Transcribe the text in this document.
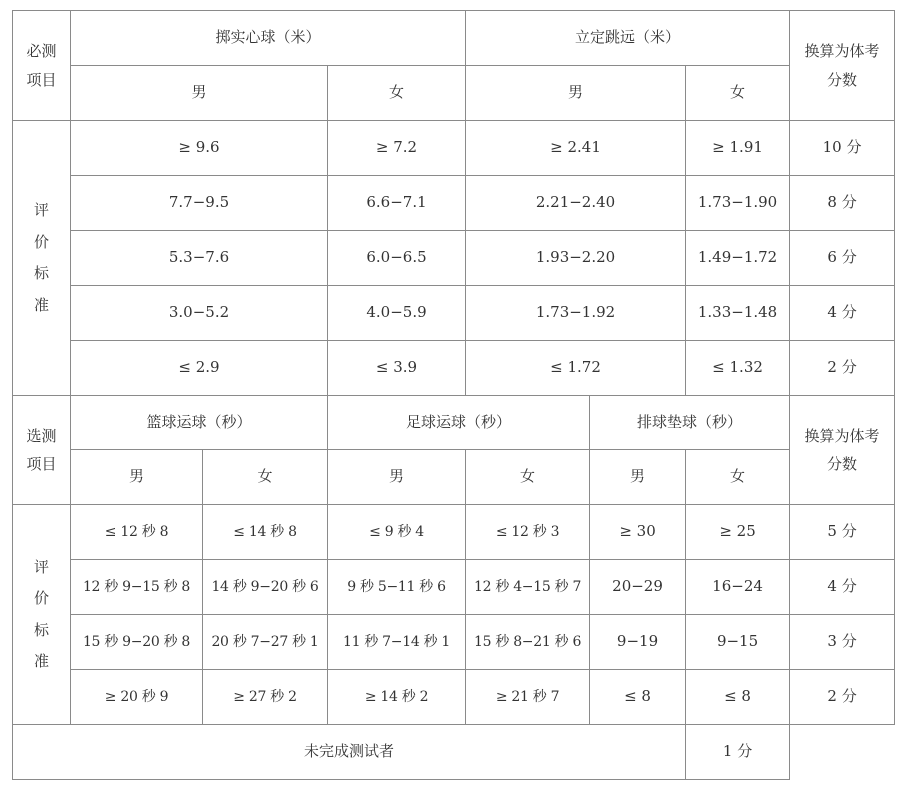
必测项目	掷实心球（米）			立定跳远（米）			换算为体考分数
	男		女	男		女	

评
价
标
准	≥ 9.6		≥ 7.2	≥ 2.41		≥ 1.91	10 分
	7.7−9.5		6.6−7.1	2.21−2.40		1.73−1.90	8 分
	5.3−7.6		6.0−6.5	1.93−2.20		1.49−1.72	6 分
	3.0−5.2		4.0−5.9	1.73−1.92		1.33−1.48	4 分
	≤ 2.9		≤ 3.9	≤ 1.72		≤ 1.32	2 分
选测项目	篮球运球（秒）		足球运球（秒）		排球垫球（秒）		换算为体考分数
	男	女	男	女	男	女	

评
价
标
准	≤ 12 秒 8	≤ 14 秒 8	≤ 9 秒 4	≤ 12 秒 3	≥ 30	≥ 25	5 分
	12 秒 9−15 秒 8	14 秒 9−20 秒 6	9 秒 5−11 秒 6	12 秒 4−15 秒 7	20−29	16−24	4 分
	15 秒 9−20 秒 8	20 秒 7−27 秒 1	11 秒 7−14 秒 1	15 秒 8−21 秒 6	9−19	9−15	3 分
	≥ 20 秒 9	≥ 27 秒 2	≥ 14 秒 2	≥ 21 秒 7	≤ 8	≤ 8	2 分
未完成测试者						1 分	
